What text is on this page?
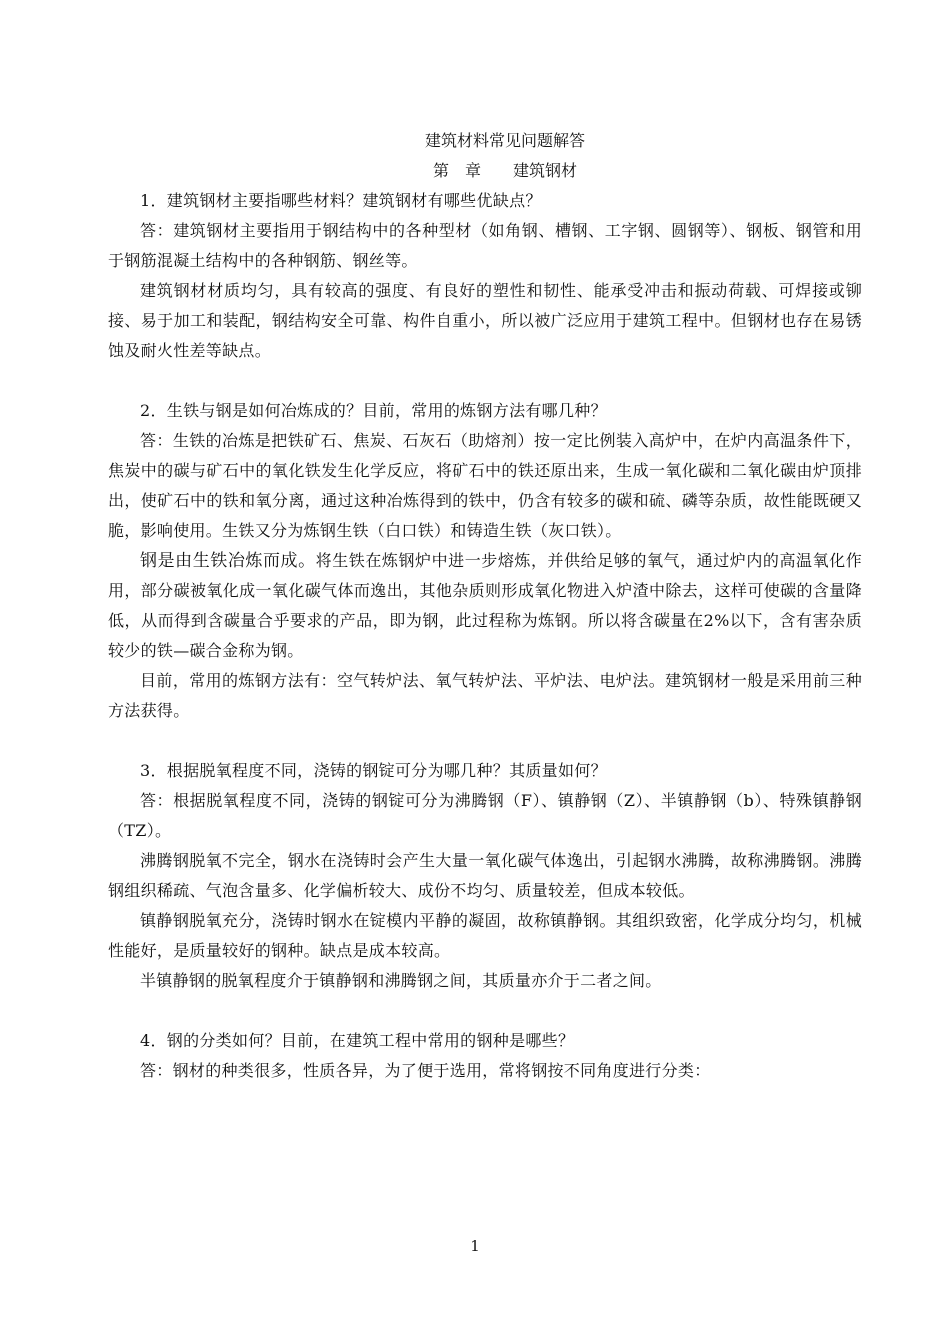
建筑材料常见问题解答

第　章　　建筑钢材

1．建筑钢材主要指哪些材料？建筑钢材有哪些优缺点？

答：建筑钢材主要指用于钢结构中的各种型材（如角钢、槽钢、工字钢、圆钢等）、钢板、钢管和用于钢筋混凝土结构中的各种钢筋、钢丝等。

建筑钢材材质均匀，具有较高的强度、有良好的塑性和韧性、能承受冲击和振动荷载、可焊接或铆接、易于加工和装配，钢结构安全可靠、构件自重小，所以被广泛应用于建筑工程中。但钢材也存在易锈蚀及耐火性差等缺点。

2．生铁与钢是如何冶炼成的？目前，常用的炼钢方法有哪几种？

答：生铁的冶炼是把铁矿石、焦炭、石灰石（助熔剂）按一定比例装入高炉中，在炉内高温条件下，焦炭中的碳与矿石中的氧化铁发生化学反应，将矿石中的铁还原出来，生成一氧化碳和二氧化碳由炉顶排出，使矿石中的铁和氧分离，通过这种冶炼得到的铁中，仍含有较多的碳和硫、磷等杂质，故性能既硬又脆，影响使用。生铁又分为炼钢生铁（白口铁）和铸造生铁（灰口铁）。

钢是由生铁冶炼而成。将生铁在炼钢炉中进一步熔炼，并供给足够的氧气，通过炉内的高温氧化作用，部分碳被氧化成一氧化碳气体而逸出，其他杂质则形成氧化物进入炉渣中除去，这样可使碳的含量降低，从而得到含碳量合乎要求的产品，即为钢，此过程称为炼钢。所以将含碳量在2%以下，含有害杂质较少的铁—碳合金称为钢。

目前，常用的炼钢方法有：空气转炉法、氧气转炉法、平炉法、电炉法。建筑钢材一般是采用前三种方法获得。

3．根据脱氧程度不同，浇铸的钢锭可分为哪几种？其质量如何？

答：根据脱氧程度不同，浇铸的钢锭可分为沸腾钢（F）、镇静钢（Z）、半镇静钢（b）、特殊镇静钢（TZ）。

沸腾钢脱氧不完全，钢水在浇铸时会产生大量一氧化碳气体逸出，引起钢水沸腾，故称沸腾钢。沸腾钢组织稀疏、气泡含量多、化学偏析较大、成份不均匀、质量较差，但成本较低。

镇静钢脱氧充分，浇铸时钢水在锭模内平静的凝固，故称镇静钢。其组织致密，化学成分均匀，机械性能好，是质量较好的钢种。缺点是成本较高。

半镇静钢的脱氧程度介于镇静钢和沸腾钢之间，其质量亦介于二者之间。

4．钢的分类如何？目前，在建筑工程中常用的钢种是哪些？

答：钢材的种类很多，性质各异，为了便于选用，常将钢按不同角度进行分类：

1
